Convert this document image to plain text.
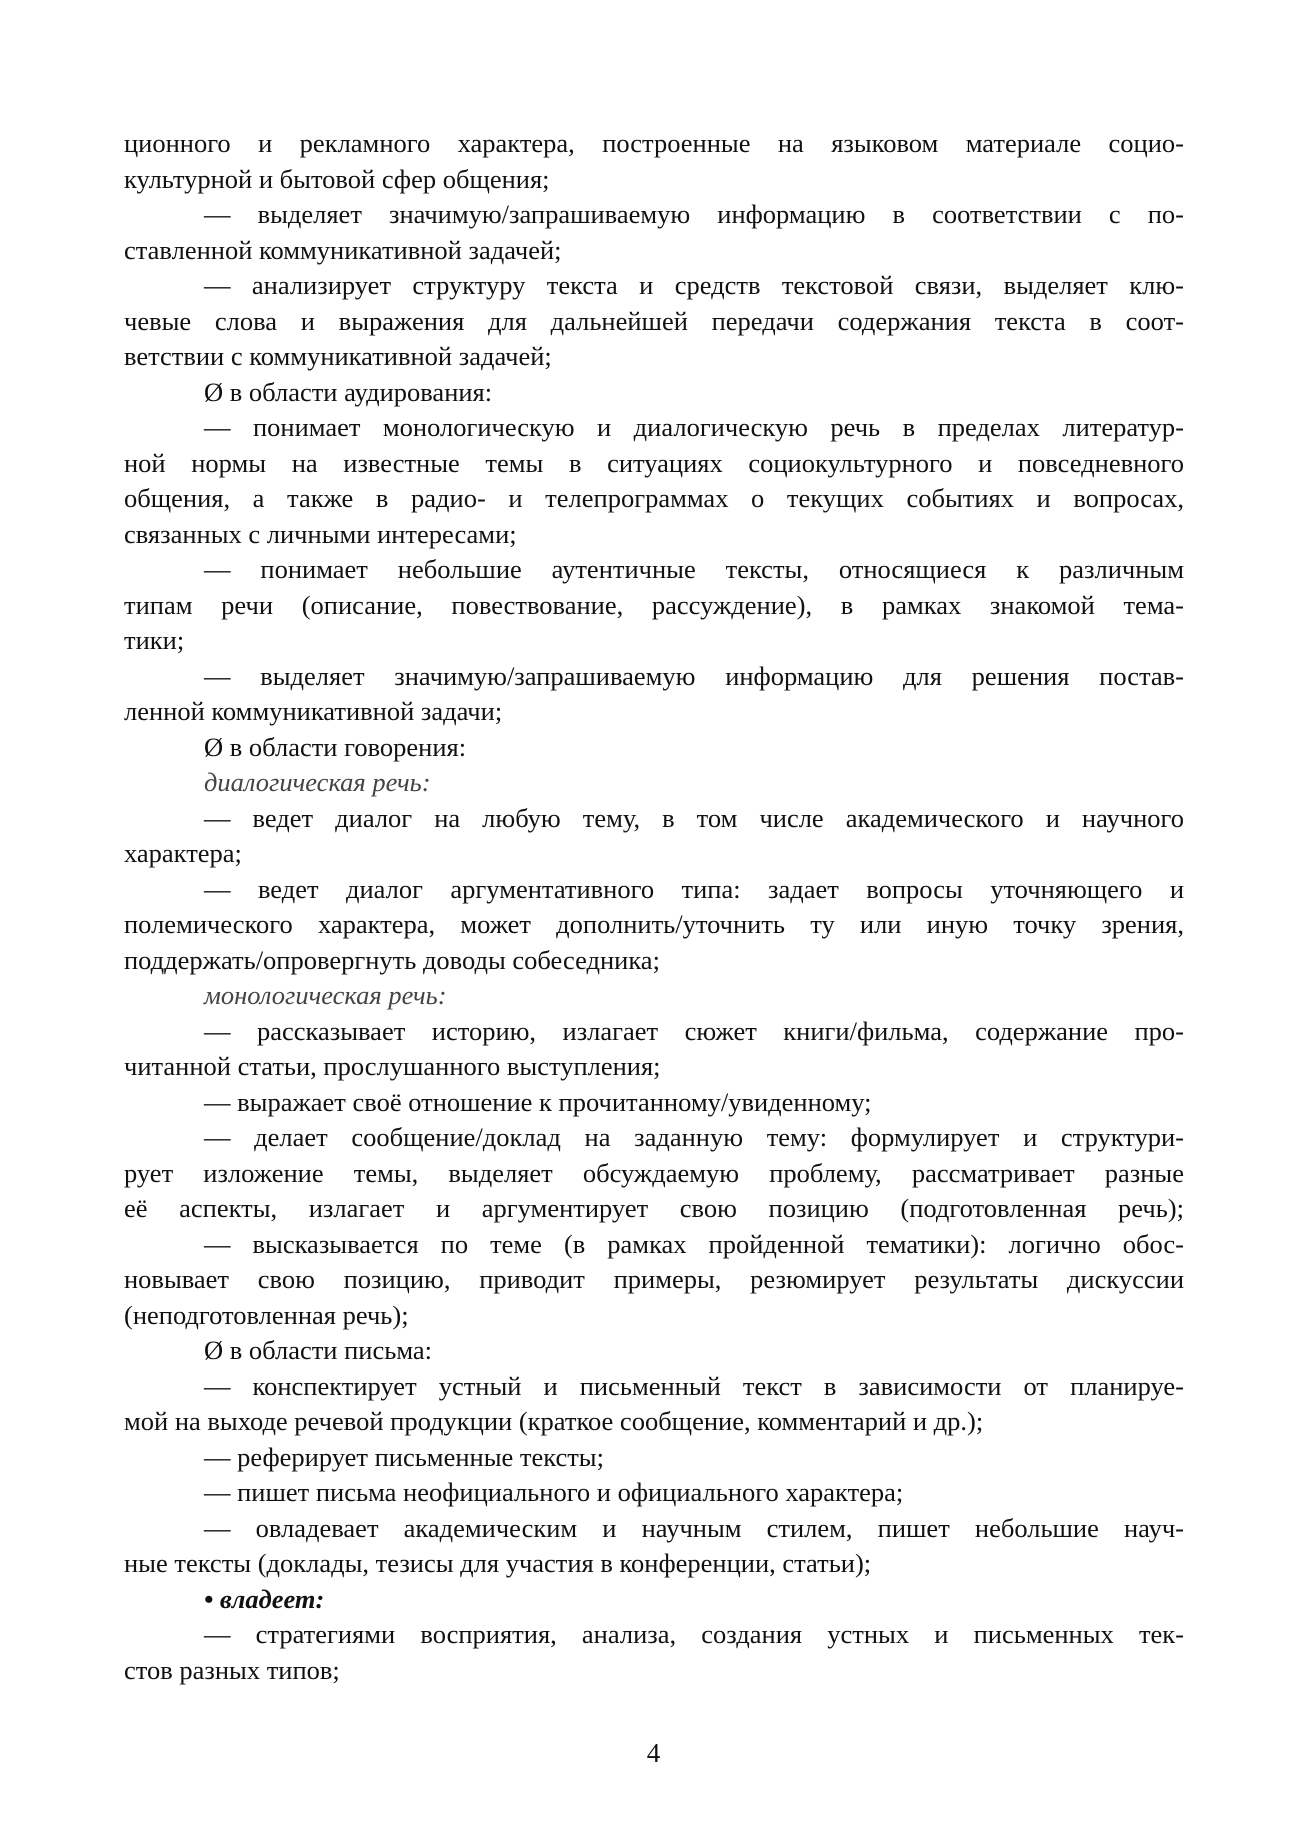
ционного и рекламного характера, построенные на языковом материале социо-
культурной и бытовой сфер общения;
— выделяет значимую/запрашиваемую информацию в соответствии с по-
ставленной коммуникативной задачей;
— анализирует структуру текста и средств текстовой связи, выделяет клю-
чевые слова и выражения для дальнейшей передачи содержания текста в соот-
ветствии с коммуникативной задачей;
Ø в области аудирования:
— понимает монологическую и диалогическую речь в пределах литератур-
ной нормы на известные темы в ситуациях социокультурного и повседневного
общения, а также в радио- и телепрограммах о текущих событиях и вопросах,
связанных с личными интересами;
— понимает небольшие аутентичные тексты, относящиеся к различным
типам речи (описание, повествование, рассуждение), в рамках знакомой тема-
тики;
— выделяет значимую/запрашиваемую информацию для решения постав-
ленной коммуникативной задачи;
Ø в области говорения:
диалогическая речь:
— ведет диалог на любую тему, в том числе академического и научного
характера;
— ведет диалог аргументативного типа: задает вопросы уточняющего и
полемического характера, может дополнить/уточнить ту или иную точку зрения,
поддержать/опровергнуть доводы собеседника;
монологическая речь:
— рассказывает историю, излагает сюжет книги/фильма, содержание про-
читанной статьи, прослушанного выступления;
— выражает своё отношение к прочитанному/увиденному;
— делает сообщение/доклад на заданную тему: формулирует и структури-
рует изложение темы, выделяет обсуждаемую проблему, рассматривает разные
её аспекты, излагает и аргументирует свою позицию (подготовленная речь);
— высказывается по теме (в рамках пройденной тематики): логично обос-
новывает свою позицию, приводит примеры, резюмирует результаты дискуссии
(неподготовленная речь);
Ø в области письма:
— конспектирует устный и письменный текст в зависимости от планируе-
мой на выходе речевой продукции (краткое сообщение, комментарий и др.);
— реферирует письменные тексты;
— пишет письма неофициального и официального характера;
— овладевает академическим и научным стилем, пишет небольшие науч-
ные тексты (доклады, тезисы для участия в конференции, статьи);
• владеет:
— стратегиями восприятия, анализа, создания устных и письменных тек-
стов разных типов;
4
